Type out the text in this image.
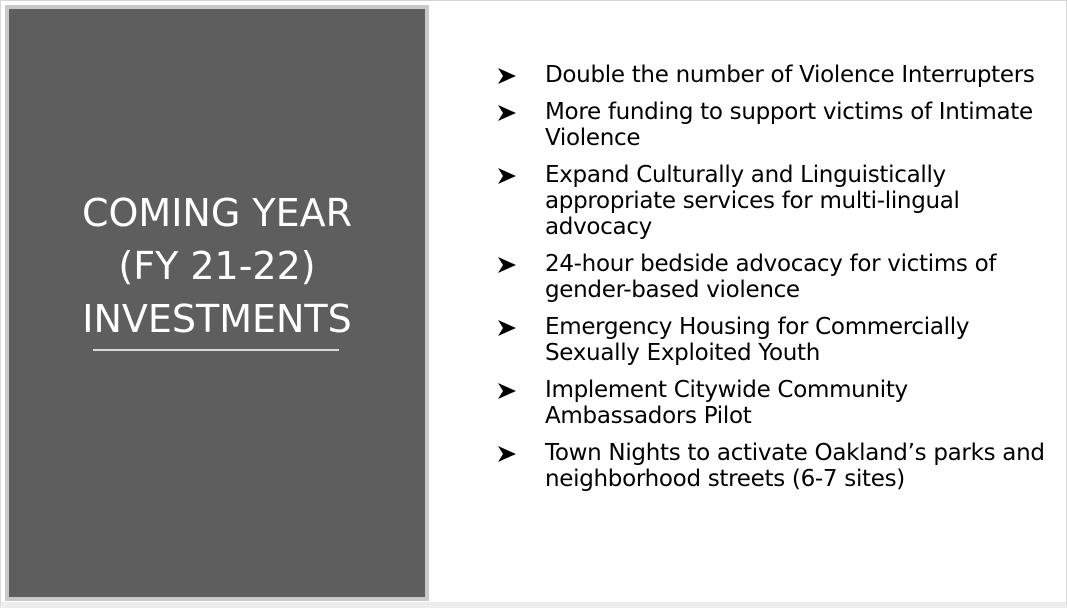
COMING YEAR
(FY 21-22)
INVESTMENTS
Double the number of Violence Interrupters
More funding to support victims of Intimate Violence
Expand Culturally and Linguistically appropriate services for multi-lingual advocacy
24-hour bedside advocacy for victims of gender-based violence
Emergency Housing for Commercially Sexually Exploited Youth
Implement Citywide Community Ambassadors Pilot
Town Nights to activate Oakland’s parks and neighborhood streets (6-7 sites)
